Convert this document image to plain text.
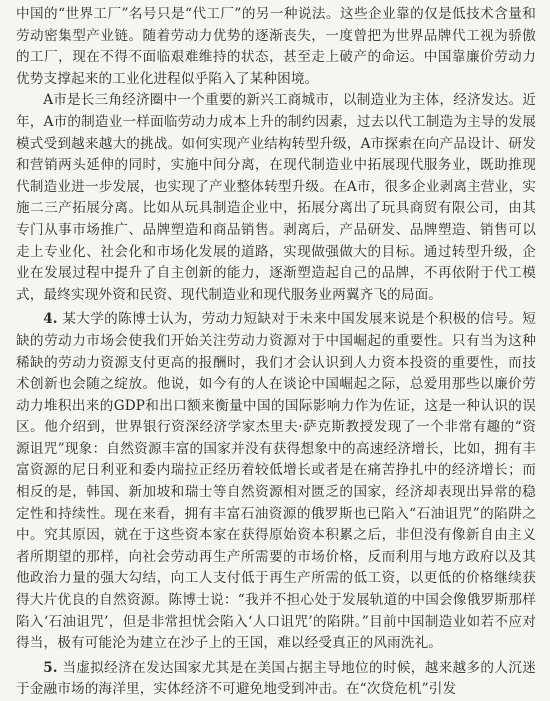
中国的“世界工厂”名号只是“代工厂”的另一种说法。这些企业靠的仅是低技术含量和劳动密集型产业链。随着劳动力优势的逐渐丧失，一度曾把为世界品牌代工视为骄傲的工厂，现在不得不面临艰难维持的状态，甚至走上破产的命运。中国靠廉价劳动力优势支撑起来的工业化进程似乎陷入了某种困境。

A市是长三角经济圈中一个重要的新兴工商城市，以制造业为主体，经济发达。近年，A市的制造业一样面临劳动力成本上升的制约因素，过去以代工制造为主导的发展模式受到越来越大的挑战。如何实现产业结构转型升级，A市探索在向产品设计、研发和营销两头延伸的同时，实施中间分离，在现代制造业中拓展现代服务业，既助推现代制造业进一步发展，也实现了产业整体转型升级。在A市，很多企业剥离主营业，实施二三产拓展分离。比如从玩具制造企业中，拓展分离出了玩具商贸有限公司，由其专门从事市场推广、品牌塑造和商品销售。剥离后，产品研发、品牌塑造、销售可以走上专业化、社会化和市场化发展的道路，实现做强做大的目标。通过转型升级，企业在发展过程中提升了自主创新的能力，逐渐塑造起自己的品牌，不再依附于代工模式，最终实现外资和民资、现代制造业和现代服务业两翼齐飞的局面。

4. 某大学的陈博士认为，劳动力短缺对于未来中国发展来说是个积极的信号。短缺的劳动力市场会使我们开始关注劳动力资源对于中国崛起的重要性。只有当为这种稀缺的劳动力资源支付更高的报酬时，我们才会认识到人力资本投资的重要性，而技术创新也会随之绽放。他说，如今有的人在谈论中国崛起之际，总爱用那些以廉价劳动力堆积出来的GDP和出口额来衡量中国的国际影响力作为佐证，这是一种认识的误区。他介绍到，世界银行资深经济学家杰里夫·萨克斯教授发现了一个非常有趣的“资源诅咒”现象：自然资源丰富的国家并没有获得想象中的高速经济增长，比如，拥有丰富资源的尼日利亚和委内瑞拉正经历着较低增长或者是在痛苦挣扎中的经济增长；而相反的是，韩国、新加坡和瑞士等自然资源相对匮乏的国家，经济却表现出异常的稳定性和持续性。现在来看，拥有丰富石油资源的俄罗斯也已陷入“石油诅咒”的陷阱之中。究其原因，就在于这些资本家在获得原始资本积累之后，非但没有像新自由主义者所期望的那样，向社会劳动再生产所需要的市场价格，反而利用与地方政府以及其他政治力量的强大勾结，向工人支付低于再生产所需的低工资，以更低的价格继续获得大片优良的自然资源。陈博士说：“我并不担心处于发展轨道的中国会像俄罗斯那样陷入‘石油诅咒’，但是非常担忧会陷入‘人口诅咒’的陷阱。”目前中国制造业如若不应对得当，极有可能沦为建立在沙子上的王国，难以经受真正的风雨洗礼。

5. 当虚拟经济在发达国家尤其是在美国占据主导地位的时候，越来越多的人沉迷于金融市场的海洋里，实体经济不可避免地受到冲击。在“次贷危机”引发
